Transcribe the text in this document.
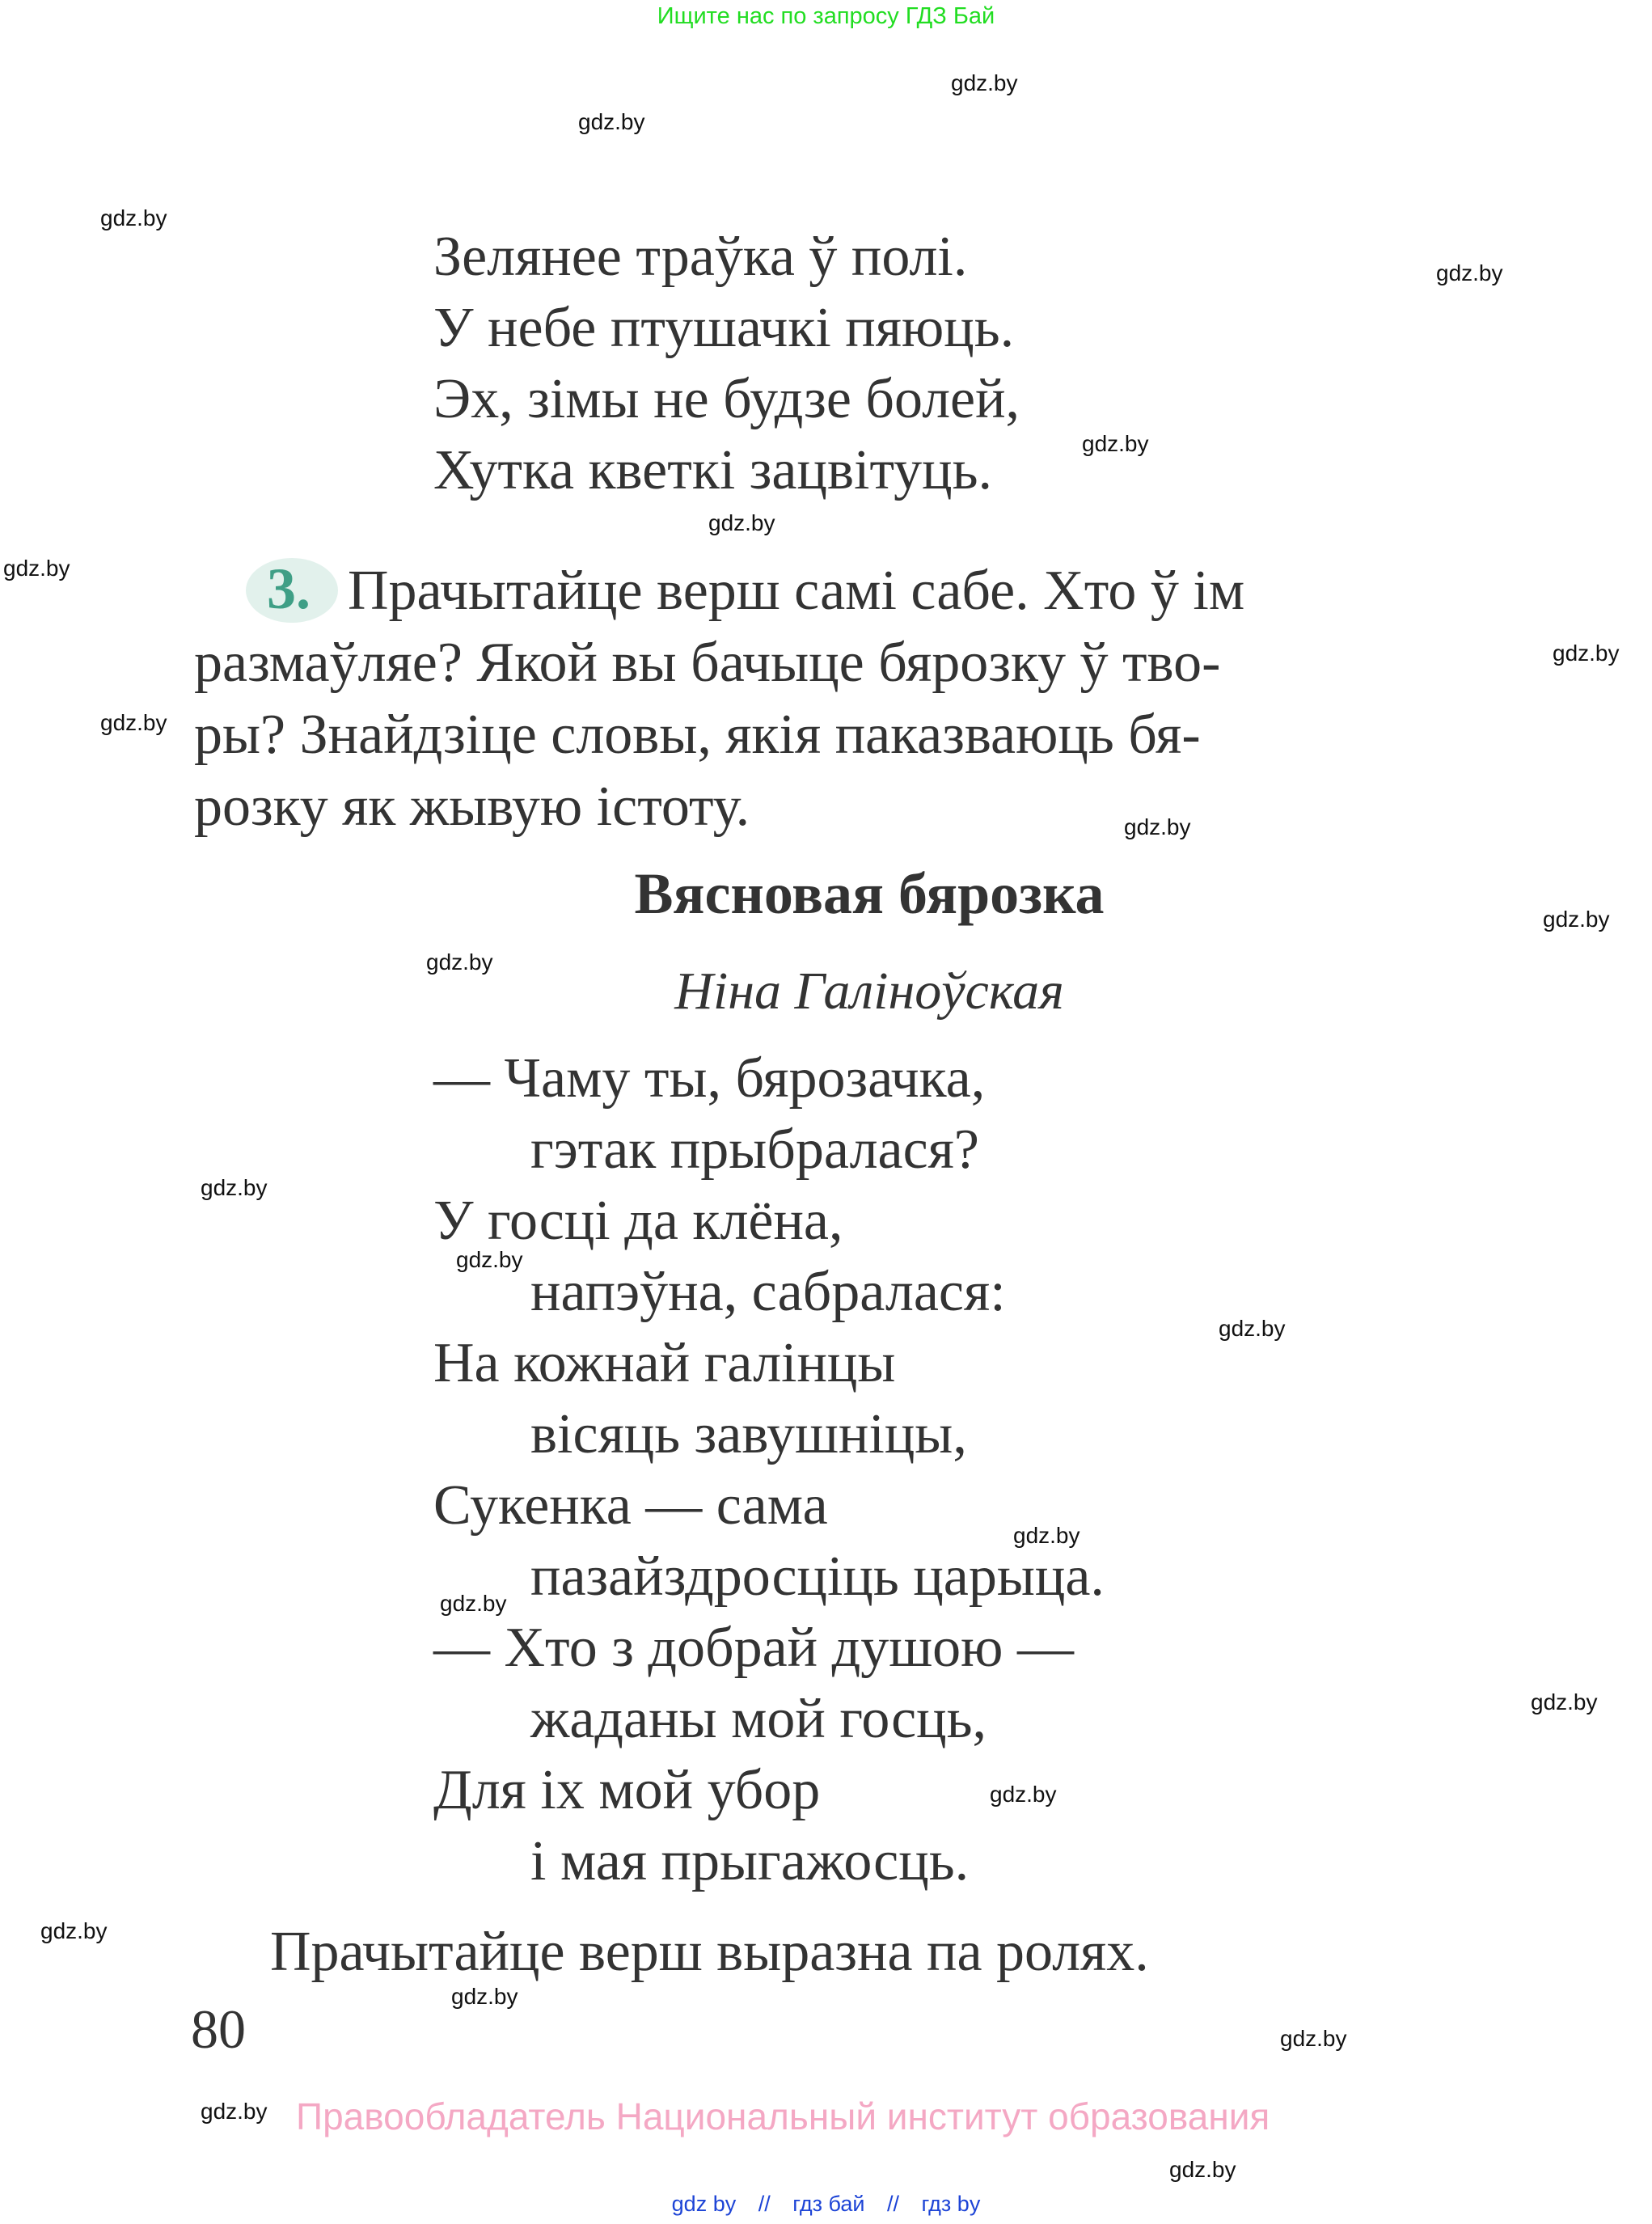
Ищите нас по запросу ГДЗ Бай
Зелянее траўка ў полі.
У небе птушачкі пяюць.
Эх, зімы не будзе болей,
Хутка кветкі зацвітуць.
3. Прачытайце верш самі сабе. Хто ў ім
размаўляе? Якой вы бачыце бярозку ў тво-
ры? Знайдзіце словы, якія паказваюць бя-
розку як жывую істоту.
Вясновая бярозка
Ніна Галіноўская
— Чаму ты, бярозачка,
гэтак прыбралася?
У госці да клёна,
напэўна, сабралася:
На кожнай галінцы
вісяць завушніцы,
Сукенка — сама
пазайздросціць царыца.
— Хто з добрай душою —
жаданы мой госць,
Для іх мой убор
і мая прыгажосць.
Прачытайце верш выразна па ролях.
80
Правообладатель Национальный институт образования
gdz by // гдз бай // гдз by
gdz.by
gdz.by
gdz.by
gdz.by
gdz.by
gdz.by
gdz.by
gdz.by
gdz.by
gdz.by
gdz.by
gdz.by
gdz.by
gdz.by
gdz.by
gdz.by
gdz.by
gdz.by
gdz.by
gdz.by
gdz.by
gdz.by
gdz.by
gdz.by
